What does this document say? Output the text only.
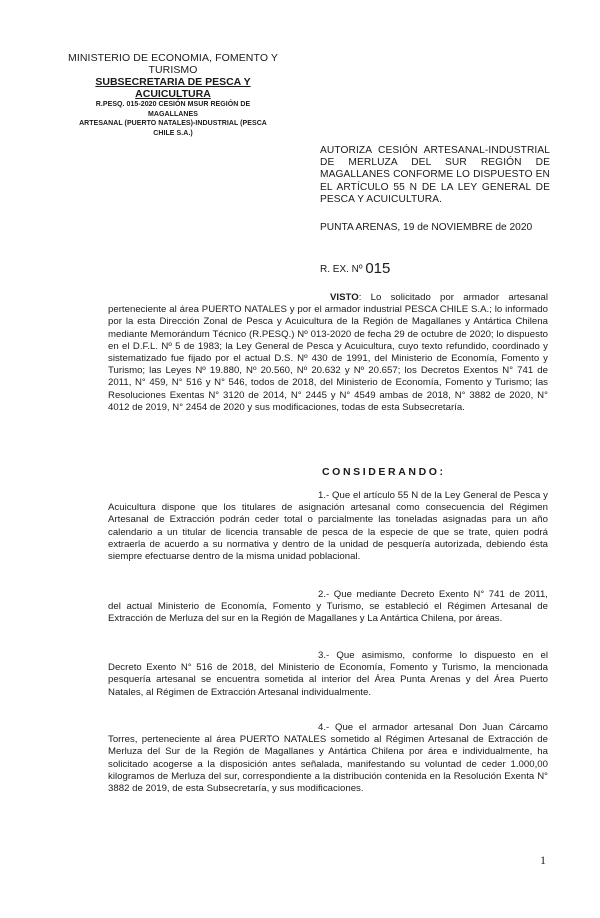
MINISTERIO DE ECONOMIA, FOMENTO Y
TURISMO
SUBSECRETARIA DE PESCA Y
ACUICULTURA
R.PESQ. 015-2020 CESIÓN MSUR REGIÓN DE
MAGALLANES
ARTESANAL (PUERTO NATALES)-INDUSTRIAL (PESCA
CHILE S.A.)
AUTORIZA CESIÓN ARTESANAL-INDUSTRIAL DE MERLUZA DEL SUR REGIÓN DE MAGALLANES CONFORME LO DISPUESTO EN EL ARTÍCULO 55 N DE LA LEY GENERAL DE PESCA Y ACUICULTURA.
PUNTA ARENAS, 19 de NOVIEMBRE de 2020
R. EX. Nº 015
VISTO: Lo solicitado por armador artesanal perteneciente al área PUERTO NATALES y por el armador industrial PESCA CHILE S.A.; lo informado por la esta Dirección Zonal de Pesca y Acuicultura de la Región de Magallanes y Antártica Chilena mediante Memorándum Técnico (R.PESQ.) Nº 013-2020 de fecha 29 de octubre de 2020; lo dispuesto en el D.F.L. Nº 5 de 1983; la Ley General de Pesca y Acuicultura, cuyo texto refundido, coordinado y sistematizado fue fijado por el actual D.S. Nº 430 de 1991, del Ministerio de Economía, Fomento y Turismo; las Leyes Nº 19.880, Nº 20.560, Nº 20.632 y Nº 20.657; los Decretos Exentos N° 741 de 2011, N° 459, N° 516 y N° 546, todos de 2018, del Ministerio de Economía, Fomento y Turismo; las Resoluciones Exentas N° 3120 de 2014, N° 2445 y N° 4549 ambas de 2018, N° 3882 de 2020, N° 4012 de 2019, N° 2454 de 2020 y sus modificaciones, todas de esta Subsecretaría.
CONSIDERANDO:
1.- Que el artículo 55 N de la Ley General de Pesca y Acuicultura dispone que los titulares de asignación artesanal como consecuencia del Régimen Artesanal de Extracción podrán ceder total o parcialmente las toneladas asignadas para un año calendario a un titular de licencia transable de pesca de la especie de que se trate, quien podrá extraerla de acuerdo a su normativa y dentro de la unidad de pesquería autorizada, debiendo ésta siempre efectuarse dentro de la misma unidad poblacional.
2.- Que mediante Decreto Exento N° 741 de 2011, del actual Ministerio de Economía, Fomento y Turismo, se estableció el Régimen Artesanal de Extracción de Merluza del sur en la Región de Magallanes y La Antártica Chilena, por áreas.
3.- Que asimismo, conforme lo dispuesto en el Decreto Exento N° 516 de 2018, del Ministerio de Economía, Fomento y Turismo, la mencionada pesquería artesanal se encuentra sometida al interior del Área Punta Arenas y del Área Puerto Natales, al Régimen de Extracción Artesanal individualmente.
4.- Que el armador artesanal Don Juan Cárcamo Torres, perteneciente al área PUERTO NATALES sometido al Régimen Artesanal de Extracción de Merluza del Sur de la Región de Magallanes y Antártica Chilena por área e individualmente, ha solicitado acogerse a la disposición antes señalada, manifestando su voluntad de ceder 1.000,00 kilogramos de Merluza del sur, correspondiente a la distribución contenida en la Resolución Exenta N° 3882 de 2019, de esta Subsecretaría, y sus modificaciones.
1
